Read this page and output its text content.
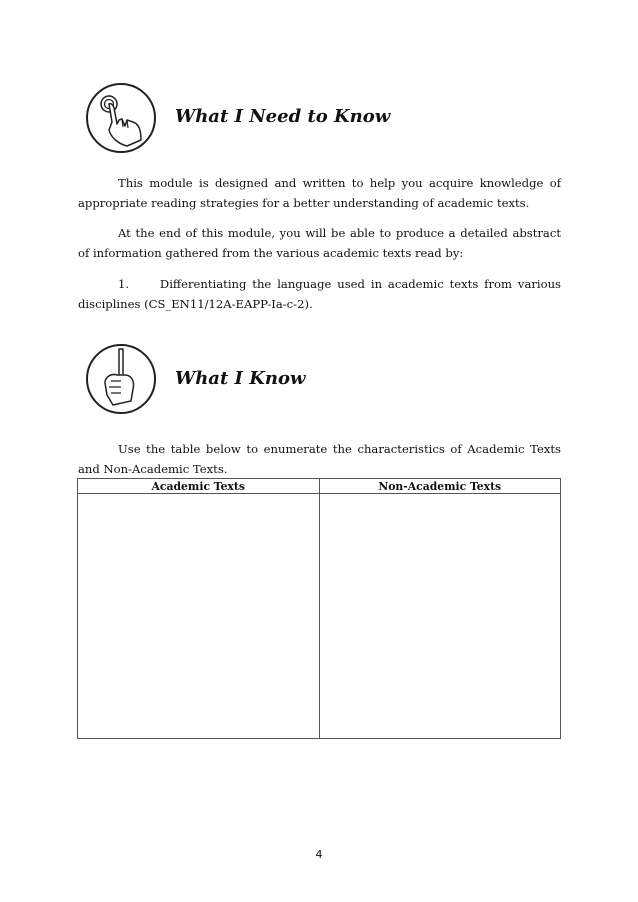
What I Need to Know
This module is designed and written to help you acquire knowledge of appropriate reading strategies for a better understanding of academic texts.
At the end of this module, you will be able to produce a detailed abstract of information gathered from the various academic texts read by:
1.	Differentiating the language used in academic texts from various disciplines (CS_EN11/12A-EAPP-Ia-c-2).
What I Know
Use the table below to enumerate the characteristics of Academic Texts and Non-Academic Texts.
Academic Texts	Non-Academic Texts

4
